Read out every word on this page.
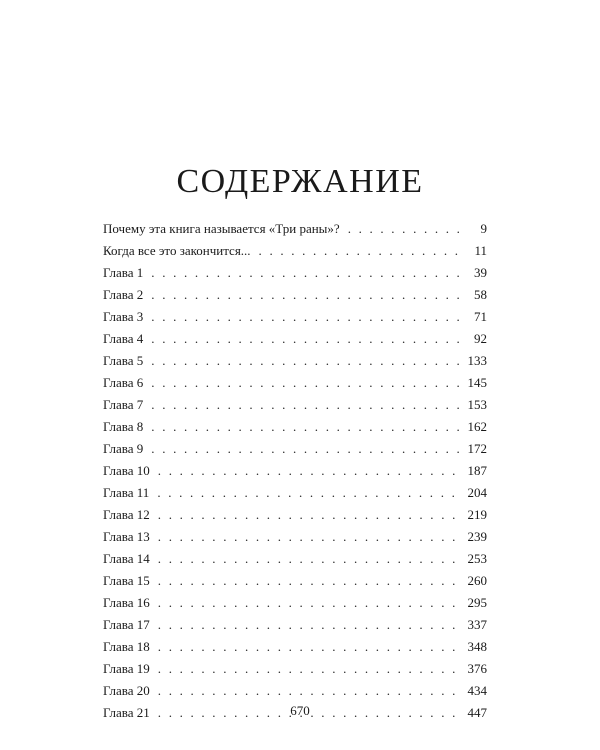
СОДЕРЖАНИЕ
Почему эта книга называется «Три раны»? . . .	9
Когда все это закончится... . . .	11
Глава 1 . . .	39
Глава 2 . . .	58
Глава 3 . . .	71
Глава 4 . . .	92
Глава 5 . . .	133
Глава 6 . . .	145
Глава 7 . . .	153
Глава 8 . . .	162
Глава 9 . . .	172
Глава 10 . . .	187
Глава 11 . . .	204
Глава 12 . . .	219
Глава 13 . . .	239
Глава 14 . . .	253
Глава 15 . . .	260
Глава 16 . . .	295
Глава 17 . . .	337
Глава 18 . . .	348
Глава 19 . . .	376
Глава 20 . . .	434
Глава 21 . . .	447
670
